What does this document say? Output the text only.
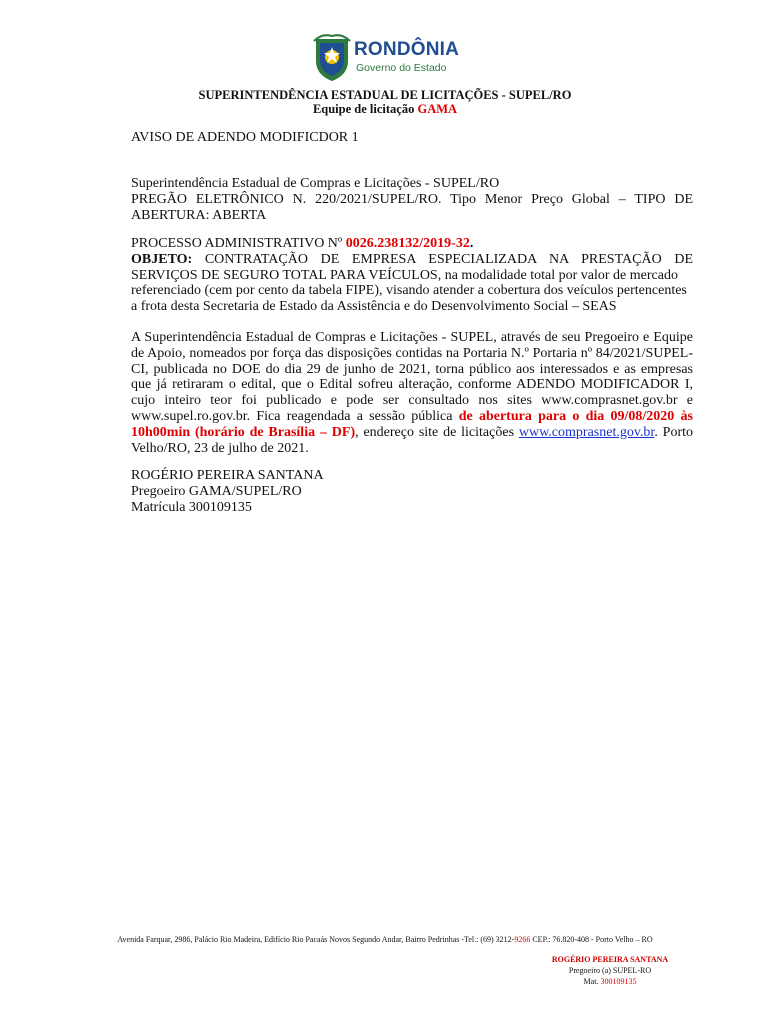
RONDÔNIA
Governo do Estado
SUPERINTENDÊNCIA ESTADUAL DE LICITAÇÕES - SUPEL/RO
Equipe de licitação GAMA
AVISO DE ADENDO MODIFICDOR 1
Superintendência Estadual de Compras e Licitações - SUPEL/RO
PREGÃO ELETRÔNICO N. 220/2021/SUPEL/RO. Tipo Menor Preço Global – TIPO DE
ABERTURA: ABERTA
PROCESSO ADMINISTRATIVO Nº 0026.238132/2019-32.
OBJETO: CONTRATAÇÃO DE EMPRESA ESPECIALIZADA NA PRESTAÇÃO DE
SERVIÇOS DE SEGURO TOTAL PARA VEÍCULOS, na modalidade total por valor de mercado
referenciado (cem por cento da tabela FIPE), visando atender a cobertura dos veículos pertencentes
a frota desta Secretaria de Estado da Assistência e do Desenvolvimento Social – SEAS
A Superintendência Estadual de Compras e Licitações - SUPEL, através de seu Pregoeiro e Equipe
de Apoio, nomeados por força das disposições contidas na Portaria N.º Portaria nº 84/2021/SUPEL-
CI, publicada no DOE do dia 29 de junho de 2021, torna público aos interessados e as empresas
que já retiraram o edital, que o Edital sofreu alteração, conforme ADENDO MODIFICADOR I,
cujo inteiro teor foi publicado e pode ser consultado nos sites www.comprasnet.gov.br e
www.supel.ro.gov.br. Fica reagendada a sessão pública de abertura para o dia 09/08/2020 às
10h00min (horário de Brasília – DF), endereço site de licitações www.comprasnet.gov.br. Porto
Velho/RO, 23 de julho de 2021.
ROGÉRIO PEREIRA SANTANA
Pregoeiro GAMA/SUPEL/RO
Matrícula 300109135
Avenida Farquar, 2986, Palácio Rio Madeira, Edifício Rio Pacaás Novos Segundo Andar, Bairro Pedrinhas -Tel.: (69) 3212-9266 CEP.: 76.820-408 - Porto Velho – RO
ROGÉRIO PEREIRA SANTANA
Pregoeiro (a) SUPEL-RO
Mat. 300109135
